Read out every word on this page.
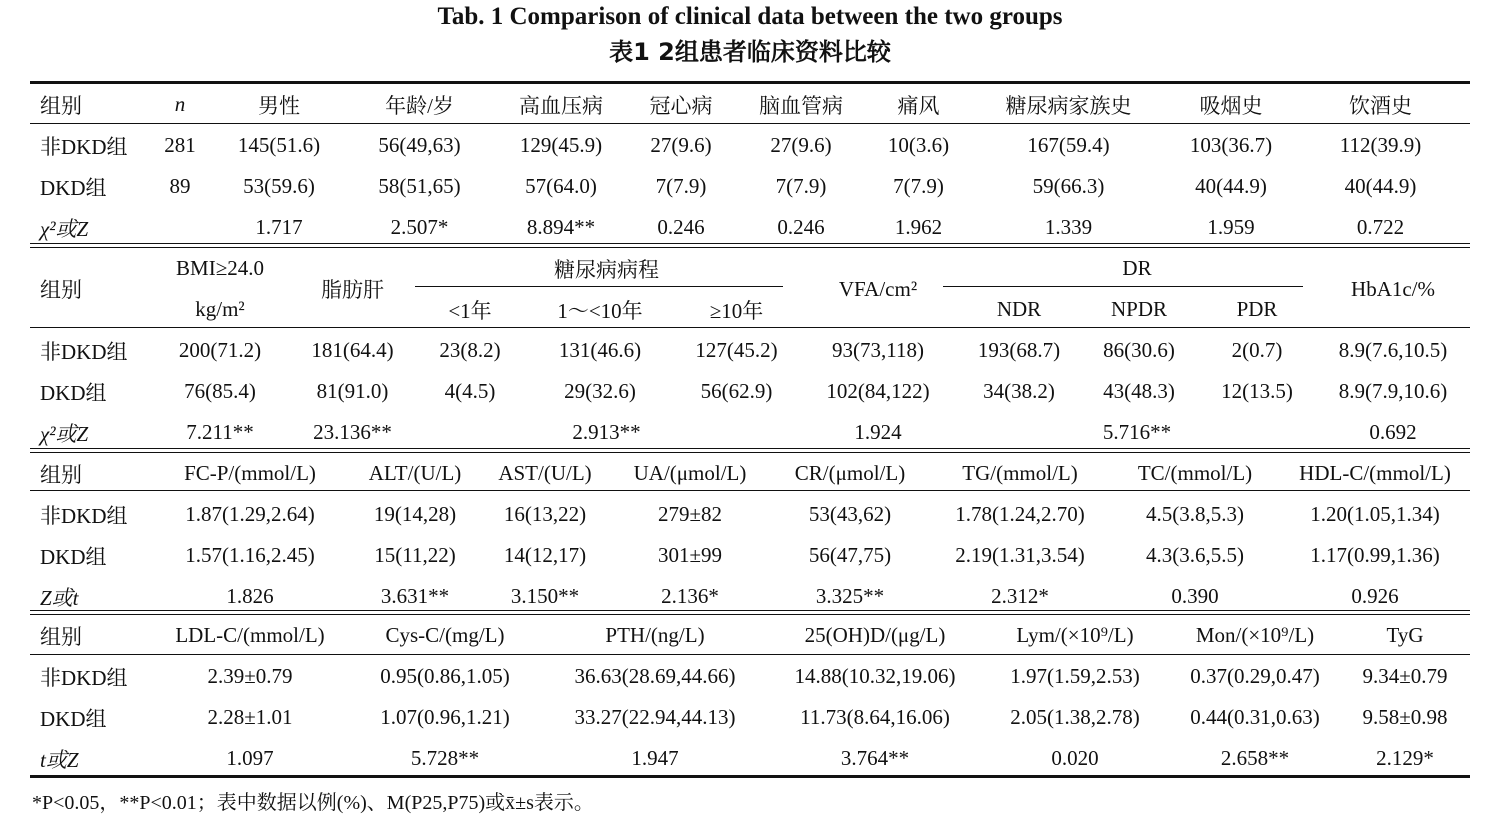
Tab. 1 Comparison of clinical data between the two groups
表1 2组患者临床资料比较
组别	n	男性	年龄/岁	高血压病	冠心病	脑血管病	痛风	糖尿病家族史	吸烟史	饮酒史
非DKD组	281	145(51.6)	56(49,63)	129(45.9)	27(9.6)	27(9.6)	10(3.6)	167(59.4)	103(36.7)	112(39.9)
DKD组	89	53(59.6)	58(51,65)	57(64.0)	7(7.9)	7(7.9)	7(7.9)	59(66.3)	40(44.9)	40(44.9)
χ²或Z		1.717	2.507*	8.894**	0.246	0.246	1.962	1.339	1.959	0.722
组别	BMI≥24.0	脂肪肝	糖尿病病程			VFA/cm²	DR			HbA1c/%
	kg/m²		<1年	1～<10年	≥10年		NDR	NPDR	PDR	
非DKD组	200(71.2)	181(64.4)	23(8.2)	131(46.6)	127(45.2)	93(73,118)	193(68.7)	86(30.6)	2(0.7)	8.9(7.6,10.5)
DKD组	76(85.4)	81(91.0)	4(4.5)	29(32.6)	56(62.9)	102(84,122)	34(38.2)	43(48.3)	12(13.5)	8.9(7.9,10.6)
χ²或Z	7.211**	23.136**	2.913**			1.924	5.716**			0.692
组别	FC-P/(mmol/L)	ALT/(U/L)	AST/(U/L)	UA/(μmol/L)	CR/(μmol/L)	TG/(mmol/L)	TC/(mmol/L)	HDL-C/(mmol/L)
非DKD组	1.87(1.29,2.64)	19(14,28)	16(13,22)	279±82	53(43,62)	1.78(1.24,2.70)	4.5(3.8,5.3)	1.20(1.05,1.34)
DKD组	1.57(1.16,2.45)	15(11,22)	14(12,17)	301±99	56(47,75)	2.19(1.31,3.54)	4.3(3.6,5.5)	1.17(0.99,1.36)
Z或t	1.826	3.631**	3.150**	2.136*	3.325**	2.312*	0.390	0.926
组别	LDL-C/(mmol/L)	Cys-C/(mg/L)	PTH/(ng/L)	25(OH)D/(μg/L)	Lym/(×10⁹/L)	Mon/(×10⁹/L)	TyG
非DKD组	2.39±0.79	0.95(0.86,1.05)	36.63(28.69,44.66)	14.88(10.32,19.06)	1.97(1.59,2.53)	0.37(0.29,0.47)	9.34±0.79
DKD组	2.28±1.01	1.07(0.96,1.21)	33.27(22.94,44.13)	11.73(8.64,16.06)	2.05(1.38,2.78)	0.44(0.31,0.63)	9.58±0.98
t或Z	1.097	5.728**	1.947	3.764**	0.020	2.658**	2.129*
*P<0.05，**P<0.01；表中数据以例(%)、M(P25,P75)或x̄±s表示。
